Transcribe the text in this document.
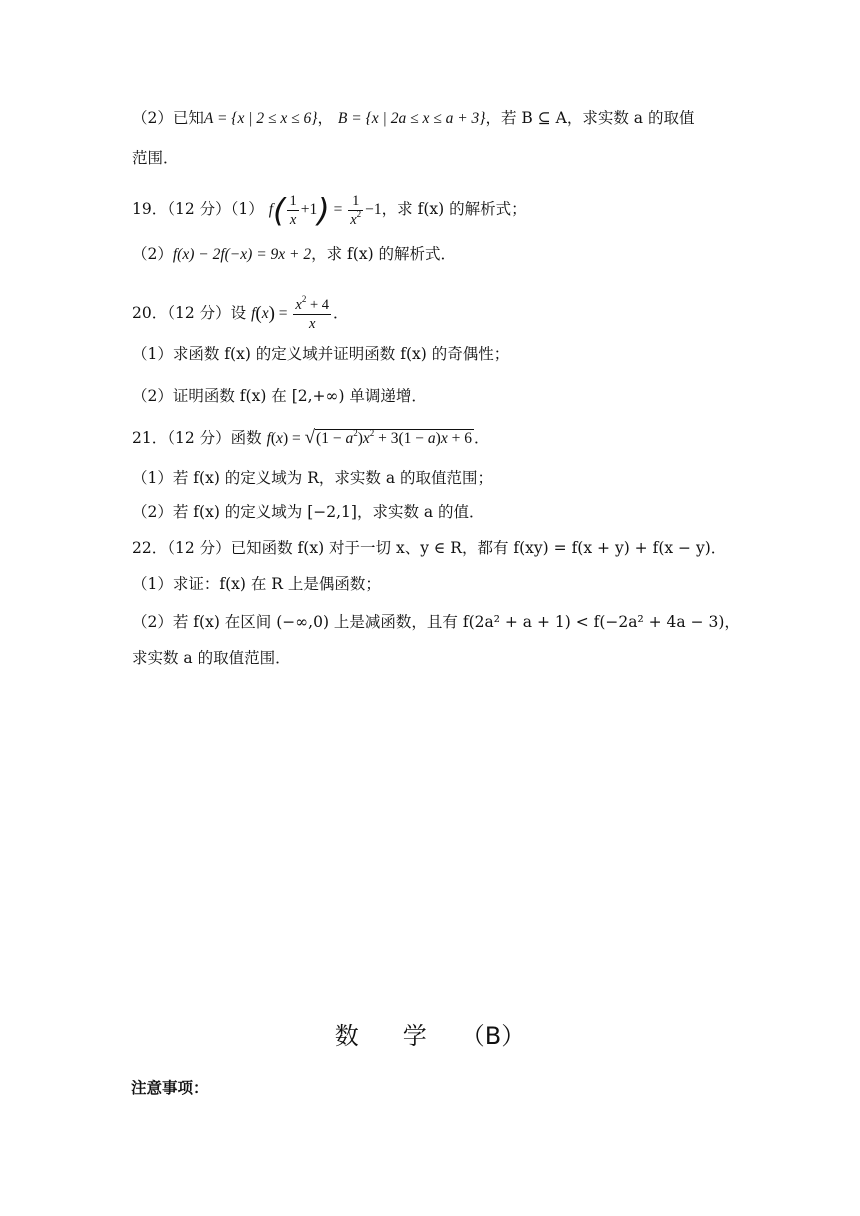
（2）已知A = {x | 2 ≤ x ≤ 6}， B = {x | 2a ≤ x ≤ a + 3}，若 B ⊆ A，求实数 a 的取值
范围．
19．（12 分）（1） $f( \frac{1}{x} +1) = \frac{1}{x^2} -1$，求 f(x) 的解析式；
（2）f(x) − 2f(−x) = 9x + 2，求 f(x) 的解析式．
20．（12 分）设 $f(x) = \frac{x^2 + 4}{x}$ ．
（1）求函数 f(x) 的定义域并证明函数 f(x) 的奇偶性；
（2）证明函数 f(x) 在 [2,+∞) 单调递增．
21．（12 分）函数 $f(x) = √(1 - a^2)x^2 + 3(1 - a)x + 6$ ．
（1）若 f(x) 的定义域为 R，求实数 a 的取值范围；
（2）若 f(x) 的定义域为 [−2,1]，求实数 a 的值．
22．（12 分）已知函数 f(x) 对于一切 x、y ∈ R，都有 f(xy) = f(x + y) + f(x − y)．
（1）求证：f(x) 在 R 上是偶函数；
（2）若 f(x) 在区间 (−∞,0) 上是减函数，且有 f(2a² + a + 1) < f(−2a² + 4a − 3)，
求实数 a 的取值范围．
数 学 （B）
注意事项：
